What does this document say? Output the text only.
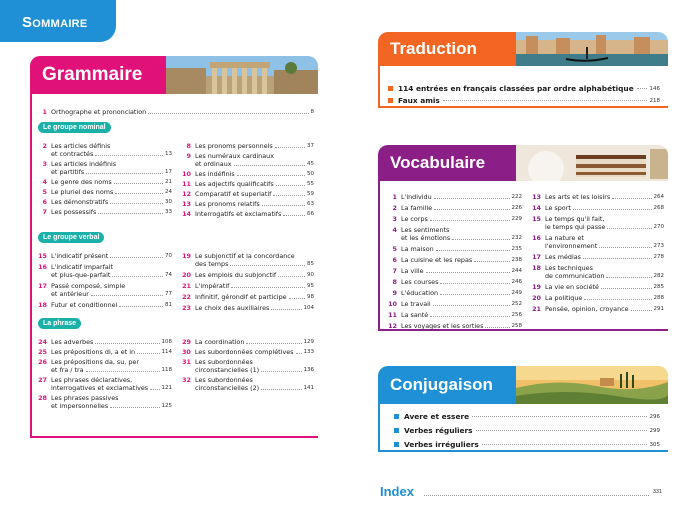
Sommaire
Grammaire
1 Orthographe et prononciation	8
Le groupe nominal
Le groupe verbal
La phrase
2 Les articles définis
et contractés	13
3 Les articles indéfinis
et partitifs	17
4 Le genre des noms	21
5 Le pluriel des noms	24
6 Les démonstratifs	30
7 Les possessifs	33
8 Les pronoms personnels	37
9 Les numéraux cardinaux
et ordinaux	45
10 Les indéfinis	50
11 Les adjectifs qualificatifs	55
12 Comparatif et superlatif	59
13 Les pronoms relatifs	63
14 Interrogatifs et exclamatifs	66
15 L'indicatif présent	70
16 L'indicatif imparfait
et plus-que-parfait	74
17 Passé composé, simple
et antérieur	77
18 Futur et conditionnel	81
19 Le subjonctif et la concordance
des temps	85
20 Les emplois du subjonctif	90
21 L'impératif	95
22 Infinitif, gérondif et participe	98
23 Le choix des auxiliaires	104
24 Les adverbes	108
25 Les prépositions di, a et in	114
26 Les prépositions da, su, per
et fra / tra	118
27 Les phrases déclaratives,
interrogatives et exclamatives 121
28 Les phrases passives
et impersonnelles	125
29 La coordination	129
30 Les subordonnées complétives 133
31 Les subordonnées
circonstancielles (1)	136
32 Les subordonnées
circonstancielles (2)	141
Traduction
114 entrées en français classées par ordre alphabétique	146
Faux amis	218
Vocabulaire
1 L'individu	222
2 La famille	226
3 Le corps	229
4 Les sentiments
et les émotions	232
5 La maison	235
6 La cuisine et les repas	238
7 La ville	244
8 Les courses	246
9 L'éducation	249
10 Le travail	252
11 La santé	256
12 Les voyages et les sorties	258
13 Les arts et les loisirs	264
14 Le sport	268
15 Le temps qu'il fait,
le temps qui passe	270
16 La nature et
l'environnement	273
17 Les médias	278
18 Les techniques
de communication	282
19 La vie en société	285
20 La politique	288
21 Pensée, opinion, croyance	291
Conjugaison
Avere et essere	296
Verbes réguliers	299
Verbes irréguliers	305
Index	331
